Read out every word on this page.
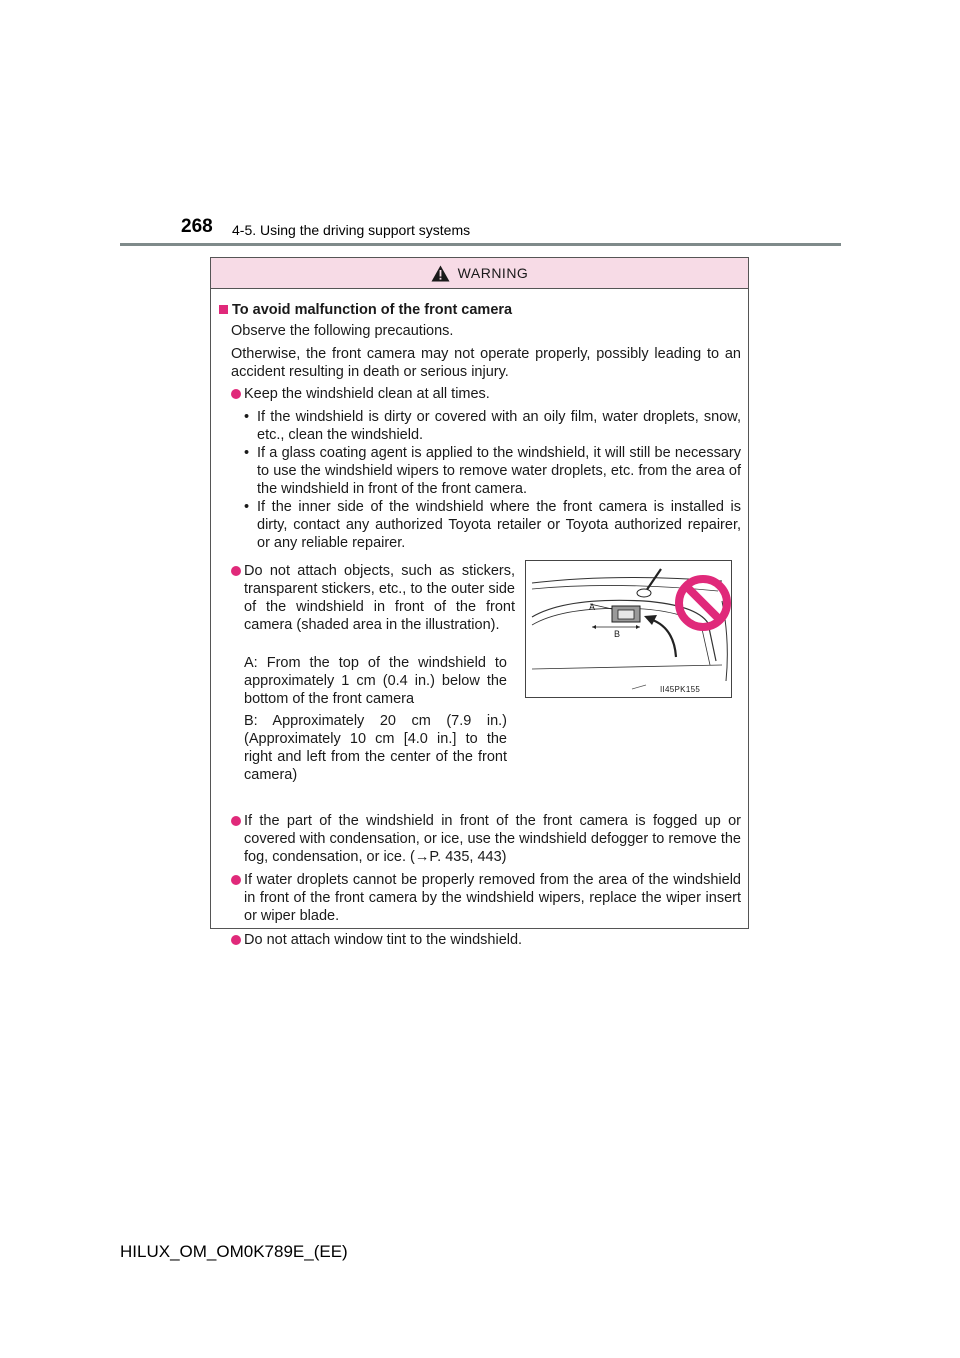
268 4-5. Using the driving support systems
WARNING
To avoid malfunction of the front camera
Observe the following precautions.
Otherwise, the front camera may not operate properly, possibly leading to an accident resulting in death or serious injury.
Keep the windshield clean at all times.
• If the windshield is dirty or covered with an oily film, water droplets, snow, etc., clean the windshield.
• If a glass coating agent is applied to the windshield, it will still be necessary to use the windshield wipers to remove water droplets, etc. from the area of the windshield in front of the front camera.
• If the inner side of the windshield where the front camera is installed is dirty, contact any authorized Toyota retailer or Toyota authorized repairer, or any reliable repairer.
Do not attach objects, such as stickers, transparent stickers, etc., to the outer side of the windshield in front of the front camera (shaded area in the illustration).
A: From the top of the windshield to approximately 1 cm (0.4 in.) below the bottom of the front camera
B: Approximately 20 cm (7.9 in.) (Approximately 10 cm [4.0 in.] to the right and left from the center of the front camera)
A
B
II45PK155
If the part of the windshield in front of the front camera is fogged up or covered with condensation, or ice, use the windshield defogger to remove the fog, condensation, or ice. (→P. 435, 443)
If water droplets cannot be properly removed from the area of the windshield in front of the front camera by the windshield wipers, replace the wiper insert or wiper blade.
Do not attach window tint to the windshield.
HILUX_OM_OM0K789E_(EE)
